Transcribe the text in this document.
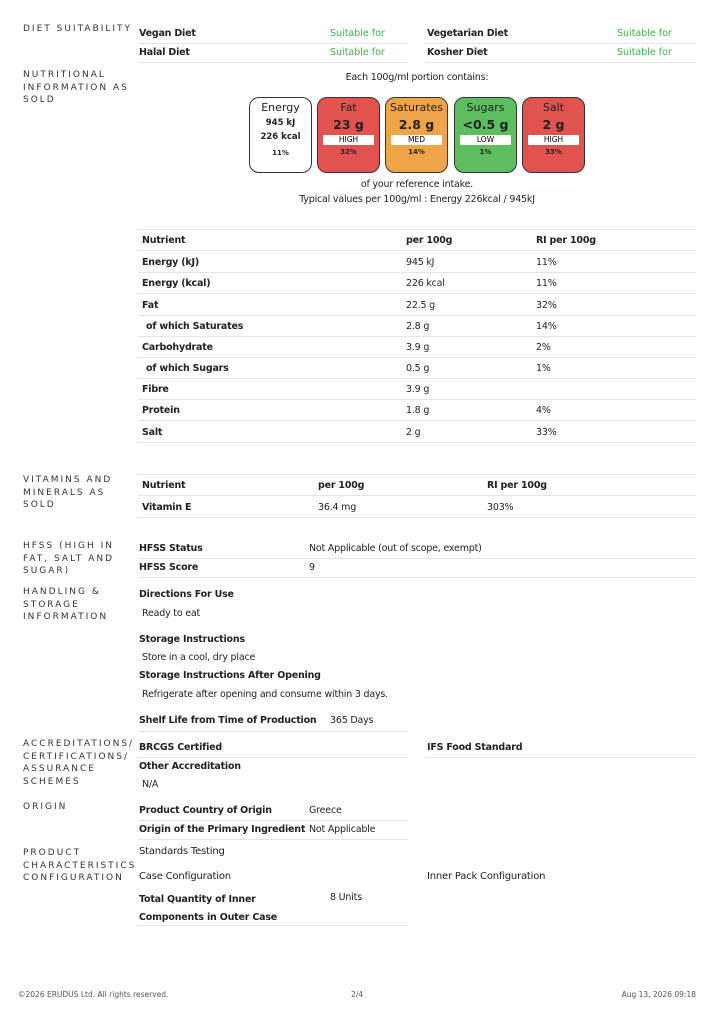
DIET SUITABILITY Vegan Diet	Suitable for	Vegetarian Diet	Suitable for
Halal Diet	Suitable for	Kosher Diet	Suitable for
NUTRITIONAL INFORMATION AS SOLD
Each 100g/ml portion contains:
Energy
945 kJ
226 kcal
11%
Fat
23 g
HIGH
32%
Saturates
2.8 g
MED
14%
Sugars
<0.5 g
LOW
1%
Salt
2 g
HIGH
33%
of your reference intake.
Typical values per 100g/ml : Energy 226kcal / 945kJ
Nutrient	per 100g	RI per 100g
Energy (kJ)	945 kJ	11%
Energy (kcal)	226 kcal	11%
Fat	22.5 g	32%
of which Saturates	2.8 g	14%
Carbohydrate	3.9 g	2%
of which Sugars	0.5 g	1%
Fibre	3.9 g
Protein	1.8 g	4%
Salt	2 g	33%
VITAMINS AND MINERALS AS SOLD
Nutrient	per 100g	RI per 100g
Vitamin E	36.4 mg	303%
HFSS (HIGH IN FAT, SALT AND SUGAR)
HFSS Status	Not Applicable (out of scope, exempt)
HFSS Score	9
HANDLING & STORAGE INFORMATION
Directions For Use
Ready to eat
Storage Instructions
Store in a cool, dry place
Storage Instructions After Opening
Refrigerate after opening and consume within 3 days.
Shelf Life from Time of Production 365 Days
ACCREDITATIONS/ CERTIFICATIONS/ ASSURANCE SCHEMES
BRCGS Certified	IFS Food Standard
Other Accreditation
N/A
ORIGIN	Product Country of Origin	Greece
Origin of the Primary Ingredient Not Applicable
PRODUCT CHARACTERISTICS CONFIGURATION
Standards Testing
Case Configuration	Inner Pack Configuration
Total Quantity of Inner Components in Outer Case
8 Units
©2026 ERUDUS Ltd. All rights reserved.	2/4	Aug 13, 2026 09:18
